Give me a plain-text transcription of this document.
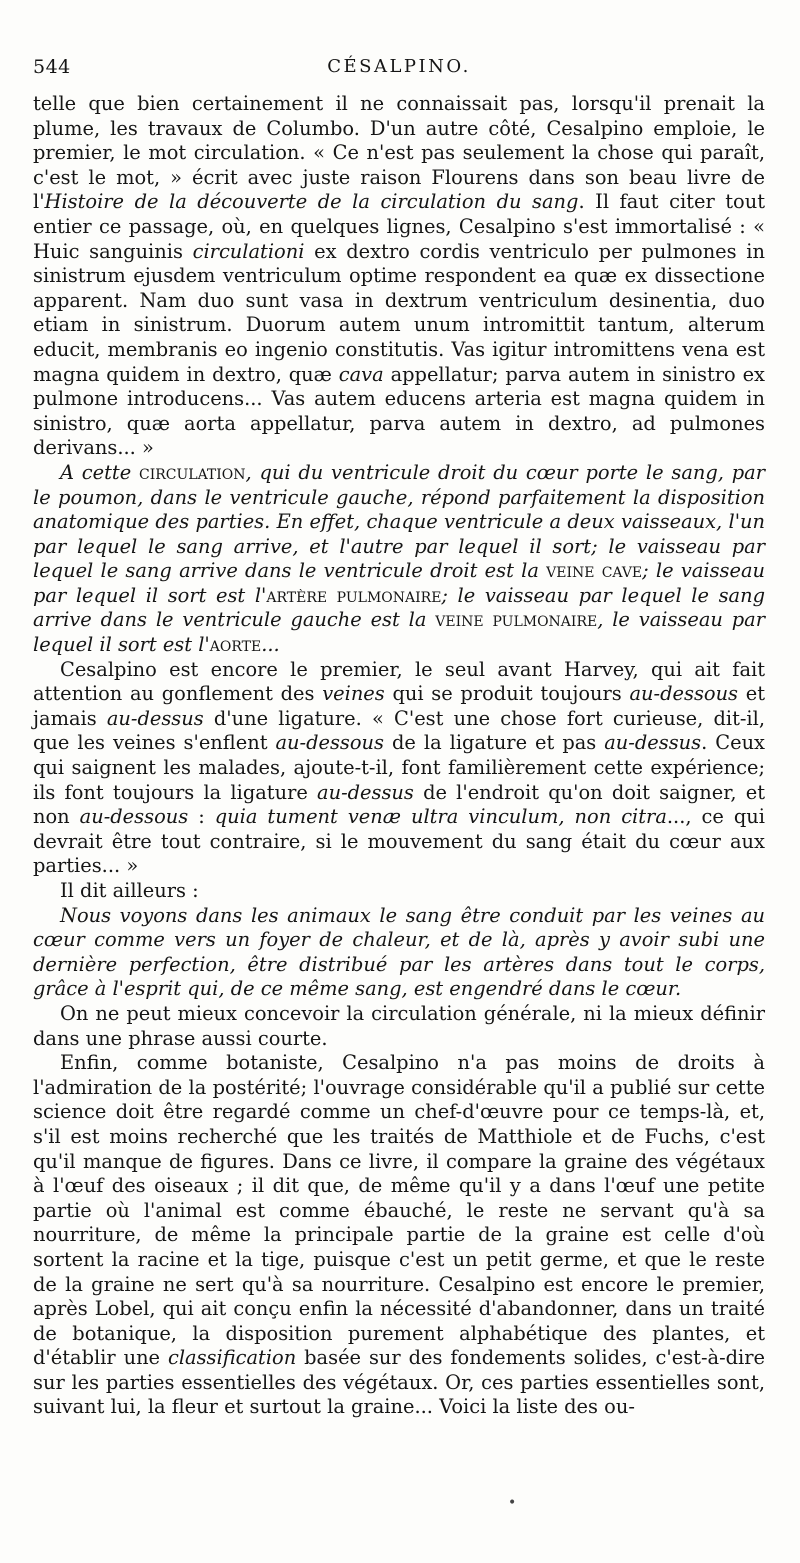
544	CÉSALPINO.

telle que bien certainement il ne connaissait pas, lorsqu'il prenait la plume, les travaux de Columbo. D'un autre côté, Cesalpino emploie, le premier, le mot circulation. « Ce n'est pas seulement la chose qui paraît, c'est le mot, » écrit avec juste raison Flourens dans son beau livre de l'Histoire de la découverte de la circulation du sang. Il faut citer tout entier ce passage, où, en quelques lignes, Cesalpino s'est immortalisé : « Huic sanguinis circulationi ex dextro cordis ventriculo per pulmones in sinistrum ejusdem ventriculum optime respondent ea quæ ex dissectione apparent. Nam duo sunt vasa in dextrum ventriculum desinentia, duo etiam in sinistrum. Duorum autem unum intromittit tantum, alterum educit, membranis eo ingenio constitutis. Vas igitur intromittens vena est magna quidem in dextro, quæ cava appellatur; parva autem in sinistro ex pulmone introducens... Vas autem educens arteria est magna quidem in sinistro, quæ aorta appellatur, parva autem in dextro, ad pulmones derivans... »

A cette circulation, qui du ventricule droit du cœur porte le sang, par le poumon, dans le ventricule gauche, répond parfaitement la disposition anatomique des parties. En effet, chaque ventricule a deux vaisseaux, l'un par lequel le sang arrive, et l'autre par lequel il sort; le vaisseau par lequel le sang arrive dans le ventricule droit est la veine cave; le vaisseau par lequel il sort est l'artère pulmonaire; le vaisseau par lequel le sang arrive dans le ventricule gauche est la veine pulmonaire, le vaisseau par lequel il sort est l'aorte...

Cesalpino est encore le premier, le seul avant Harvey, qui ait fait attention au gonflement des veines qui se produit toujours au-dessous et jamais au-dessus d'une ligature. « C'est une chose fort curieuse, dit-il, que les veines s'enflent au-dessous de la ligature et pas au-dessus. Ceux qui saignent les malades, ajoute-t-il, font familièrement cette expérience; ils font toujours la ligature au-dessus de l'endroit qu'on doit saigner, et non au-dessous : quia tument venæ ultra vinculum, non citra..., ce qui devrait être tout contraire, si le mouvement du sang était du cœur aux parties... »

Il dit ailleurs :

Nous voyons dans les animaux le sang être conduit par les veines au cœur comme vers un foyer de chaleur, et de là, après y avoir subi une dernière perfection, être distribué par les artères dans tout le corps, grâce à l'esprit qui, de ce même sang, est engendré dans le cœur.

On ne peut mieux concevoir la circulation générale, ni la mieux définir dans une phrase aussi courte.

Enfin, comme botaniste, Cesalpino n'a pas moins de droits à l'admiration de la postérité; l'ouvrage considérable qu'il a publié sur cette science doit être regardé comme un chef-d'œuvre pour ce temps-là, et, s'il est moins recherché que les traités de Matthiole et de Fuchs, c'est qu'il manque de figures. Dans ce livre, il compare la graine des végétaux à l'œuf des oiseaux ; il dit que, de même qu'il y a dans l'œuf une petite partie où l'animal est comme ébauché, le reste ne servant qu'à sa nourriture, de même la principale partie de la graine est celle d'où sortent la racine et la tige, puisque c'est un petit germe, et que le reste de la graine ne sert qu'à sa nourriture. Cesalpino est encore le premier, après Lobel, qui ait conçu enfin la nécessité d'abandonner, dans un traité de botanique, la disposition purement alphabétique des plantes, et d'établir une classification basée sur des fondements solides, c'est-à-dire sur les parties essentielles des végétaux. Or, ces parties essentielles sont, suivant lui, la fleur et surtout la graine... Voici la liste des ou-

•
